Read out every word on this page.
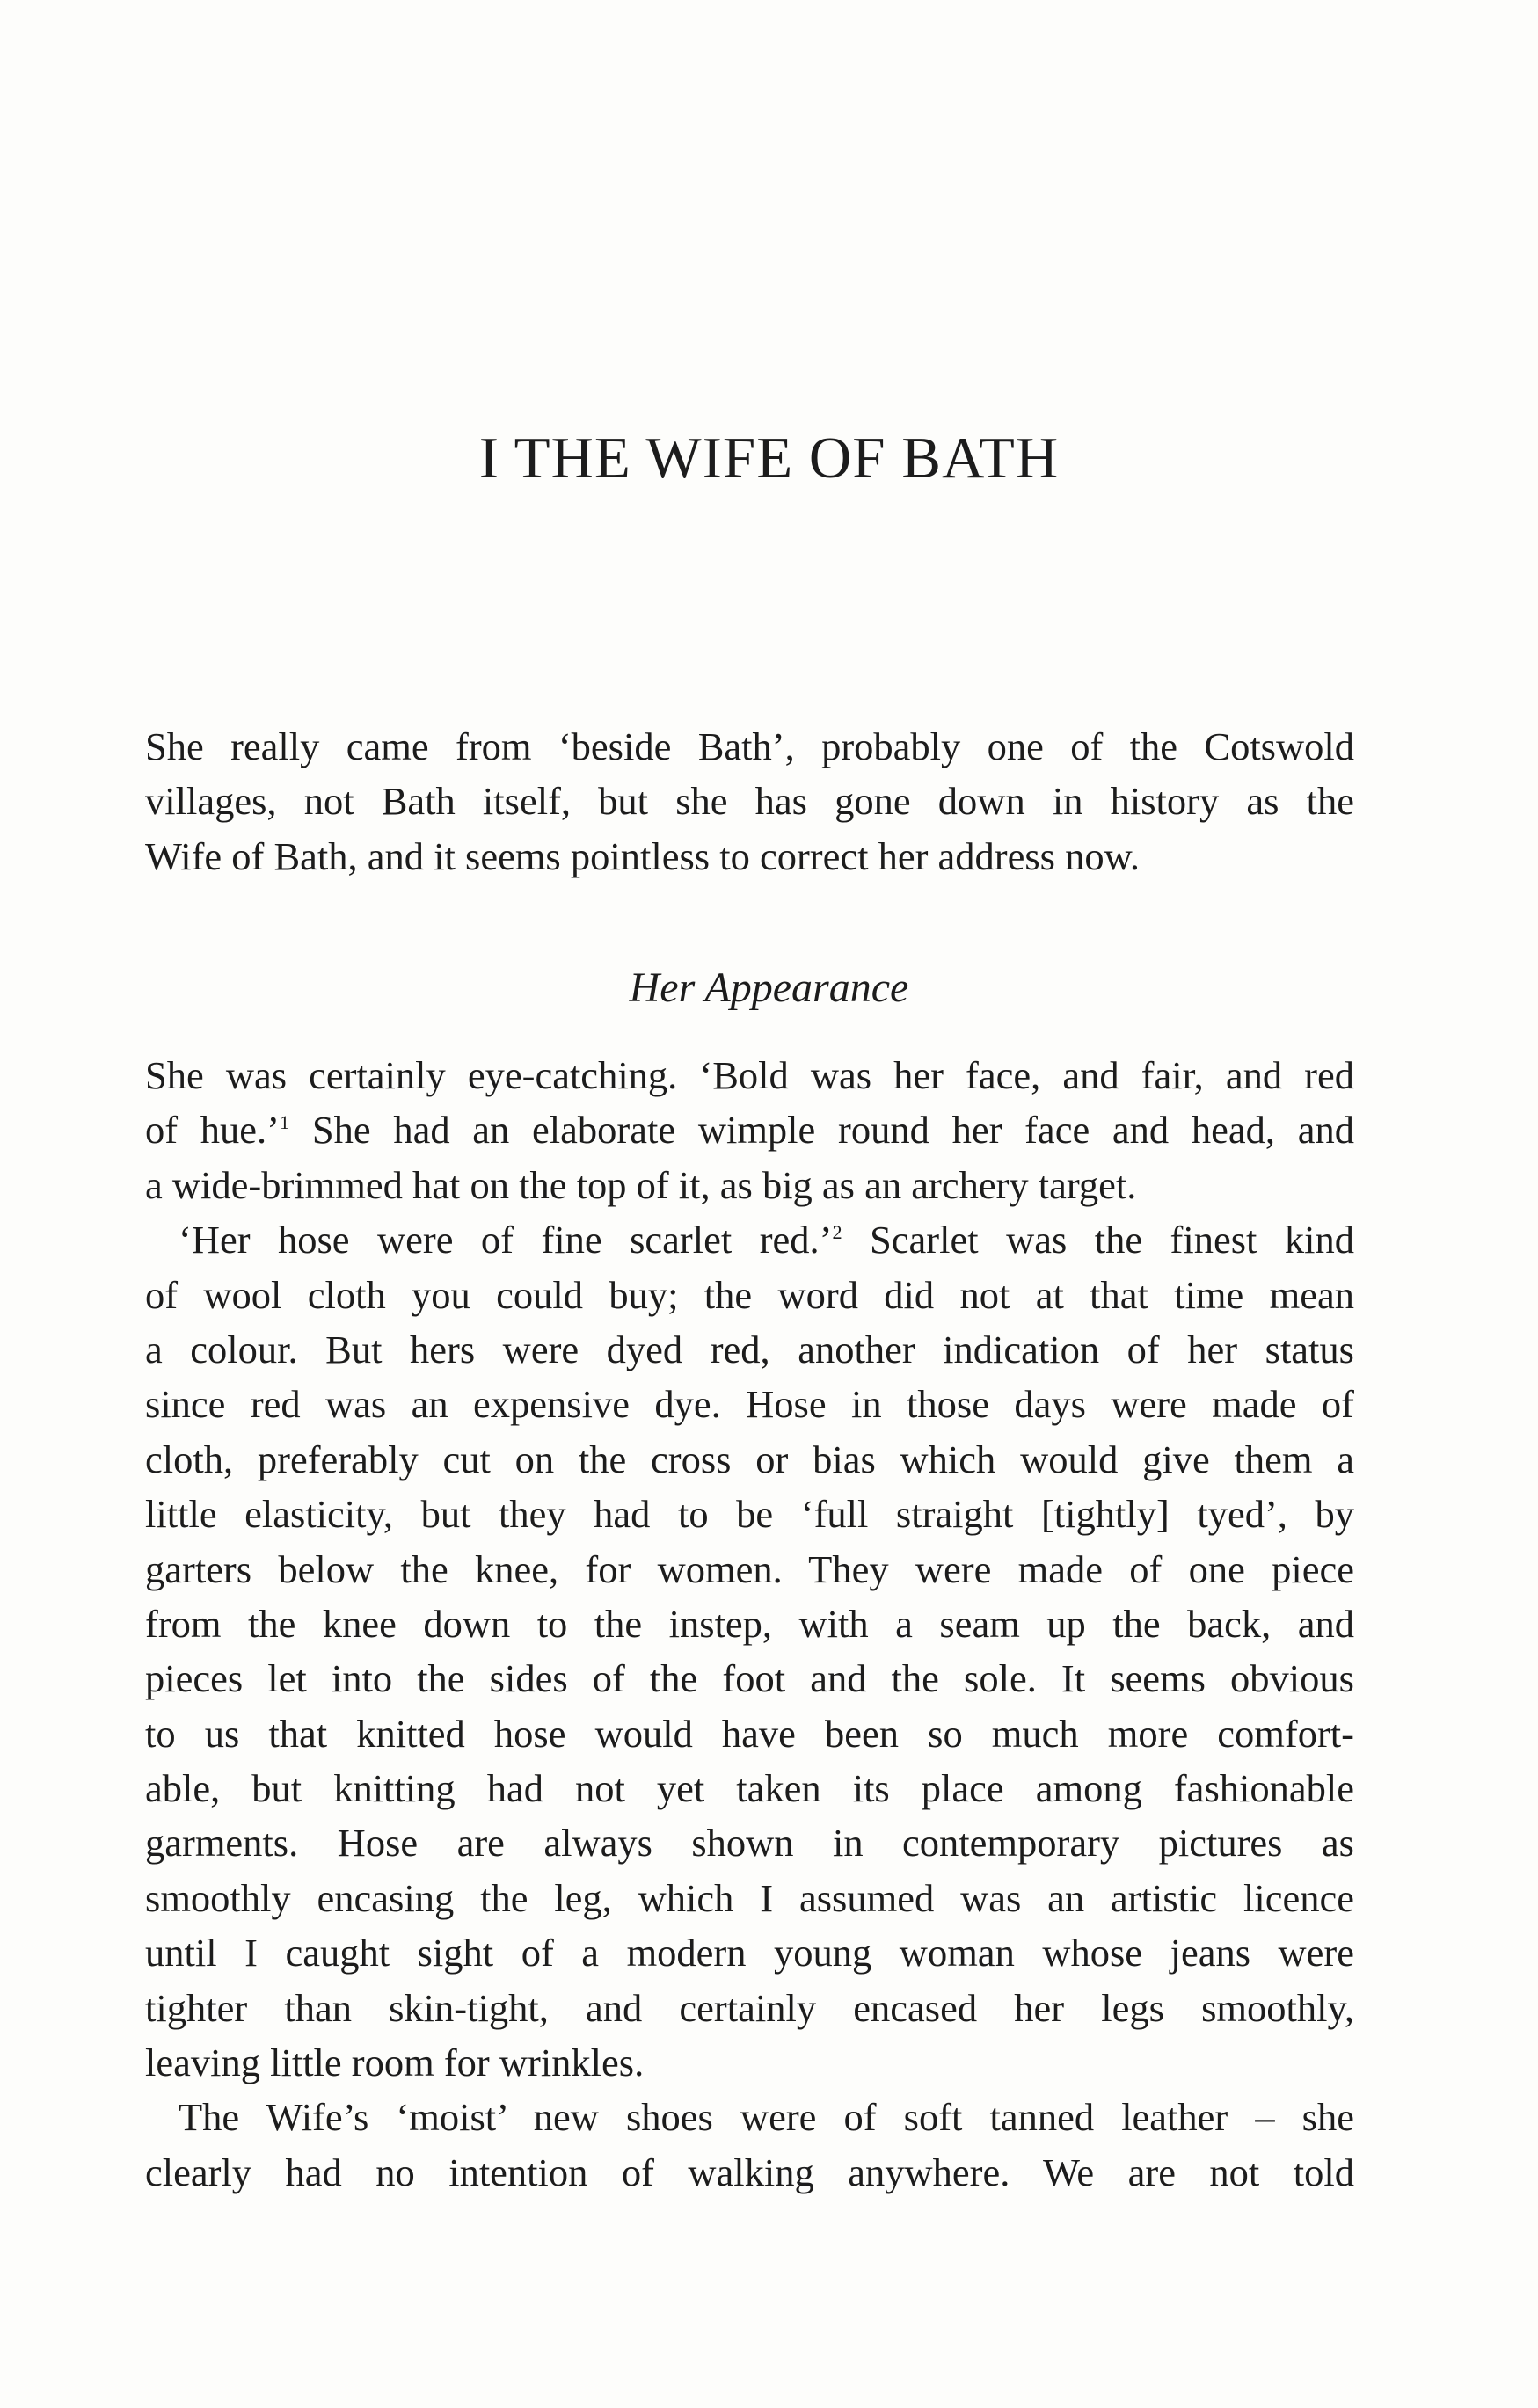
I THE WIFE OF BATH
She really came from ‘beside Bath’, probably one of the Cotswold
villages, not Bath itself, but she has gone down in history as the
Wife of Bath, and it seems pointless to correct her address now.
Her Appearance
She was certainly eye-catching. ‘Bold was her face, and fair, and red
of hue.’$^1$ She had an elaborate wimple round her face and head, and
a wide-brimmed hat on the top of it, as big as an archery target.
‘Her hose were of fine scarlet red.’$^2$ Scarlet was the finest kind
of wool cloth you could buy; the word did not at that time mean
a colour. But hers were dyed red, another indication of her status
since red was an expensive dye. Hose in those days were made of
cloth, preferably cut on the cross or bias which would give them a
little elasticity, but they had to be ‘full straight [tightly] tyed’, by
garters below the knee, for women. They were made of one piece
from the knee down to the instep, with a seam up the back, and
pieces let into the sides of the foot and the sole. It seems obvious
to us that knitted hose would have been so much more comfort-
able, but knitting had not yet taken its place among fashionable
garments. Hose are always shown in contemporary pictures as
smoothly encasing the leg, which I assumed was an artistic licence
until I caught sight of a modern young woman whose jeans were
tighter than skin-tight, and certainly encased her legs smoothly,
leaving little room for wrinkles.
The Wife’s ‘moist’ new shoes were of soft tanned leather – she
clearly had no intention of walking anywhere. We are not told
